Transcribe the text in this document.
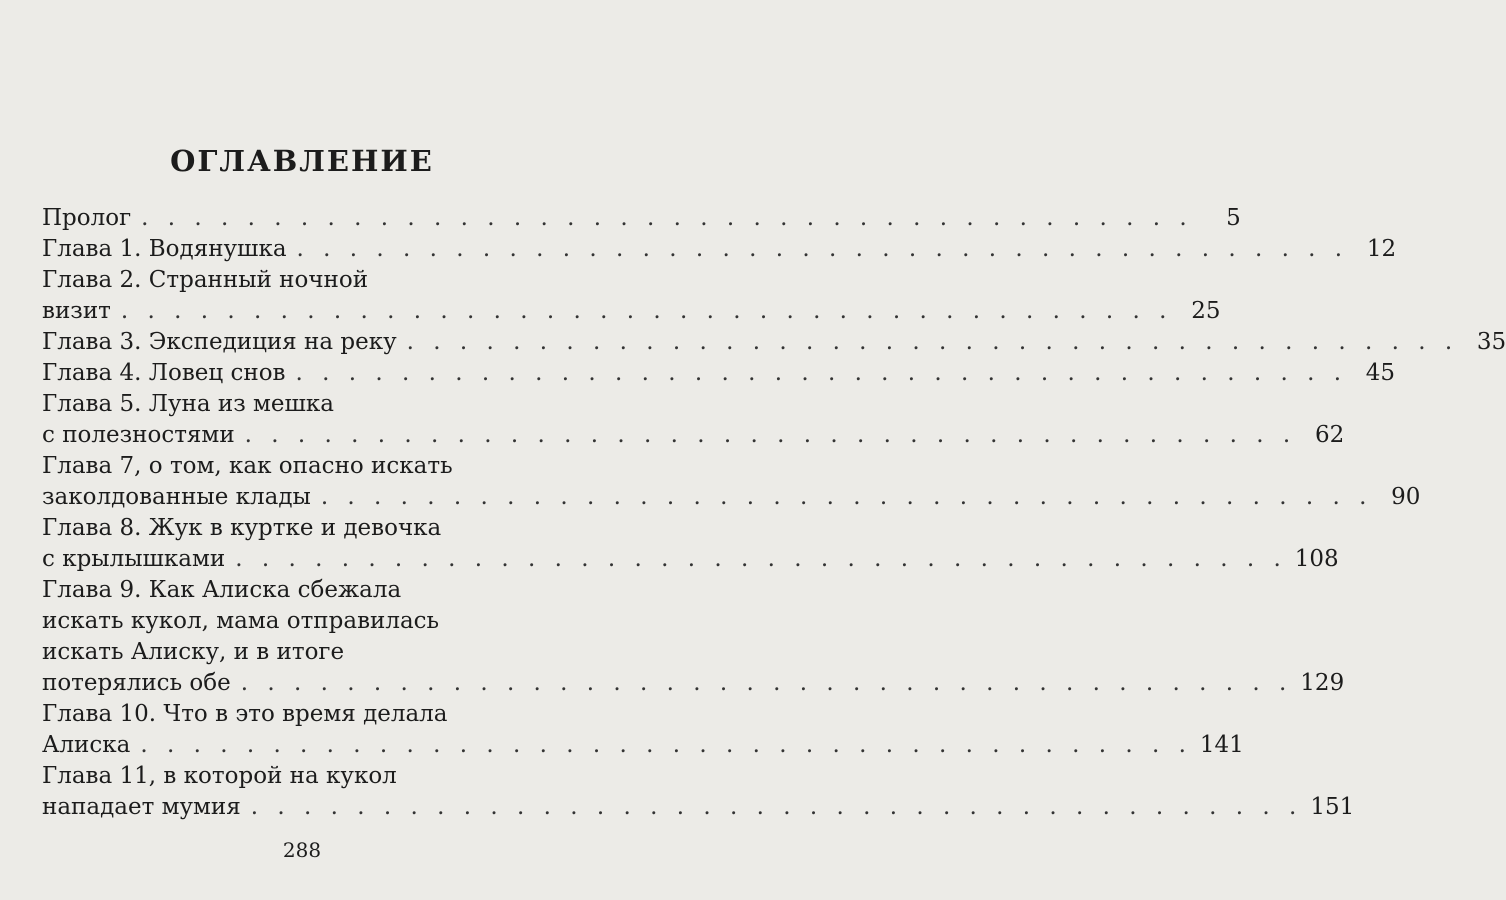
ОГЛАВЛЕНИЕ
Пролог . . . . . . . . . . . . . . . . . . . . . . . . . . . . . . . . . . . . . . . .	5
Глава 1. Водянушка . . . . . . . . . . . . . . . . . . . . . . . . . . . . . . . . . . . . . . . . 12
Глава 2. Странный ночной
визит . . . . . . . . . . . . . . . . . . . . . . . . . . . . . . . . . . . . . . . . 25
Глава 3. Экспедиция на реку . . . . . . . . . . . . . . . . . . . . . . . . . . . . . . . . . . . . . . . . 35
Глава 4. Ловец снов . . . . . . . . . . . . . . . . . . . . . . . . . . . . . . . . . . . . . . . . 45
Глава 5. Луна из мешка
с полезностями . . . . . . . . . . . . . . . . . . . . . . . . . . . . . . . . . . . . . . . . 62
Глава 7, о том, как опасно искать
заколдованные клады . . . . . . . . . . . . . . . . . . . . . . . . . . . . . . . . . . . . . . . . 90
Глава 8. Жук в куртке и девочка
с крылышками . . . . . . . . . . . . . . . . . . . . . . . . . . . . . . . . . . . . . . . . 108
Глава 9. Как Алиска сбежала
искать кукол, мама отправилась
искать Алиску, и в итоге
потерялись обе . . . . . . . . . . . . . . . . . . . . . . . . . . . . . . . . . . . . . . . . 129
Глава 10. Что в это время делала
Алиска . . . . . . . . . . . . . . . . . . . . . . . . . . . . . . . . . . . . . . . . 141
Глава 11, в которой на кукол
нападает мумия . . . . . . . . . . . . . . . . . . . . . . . . . . . . . . . . . . . . . . . . 151
288
